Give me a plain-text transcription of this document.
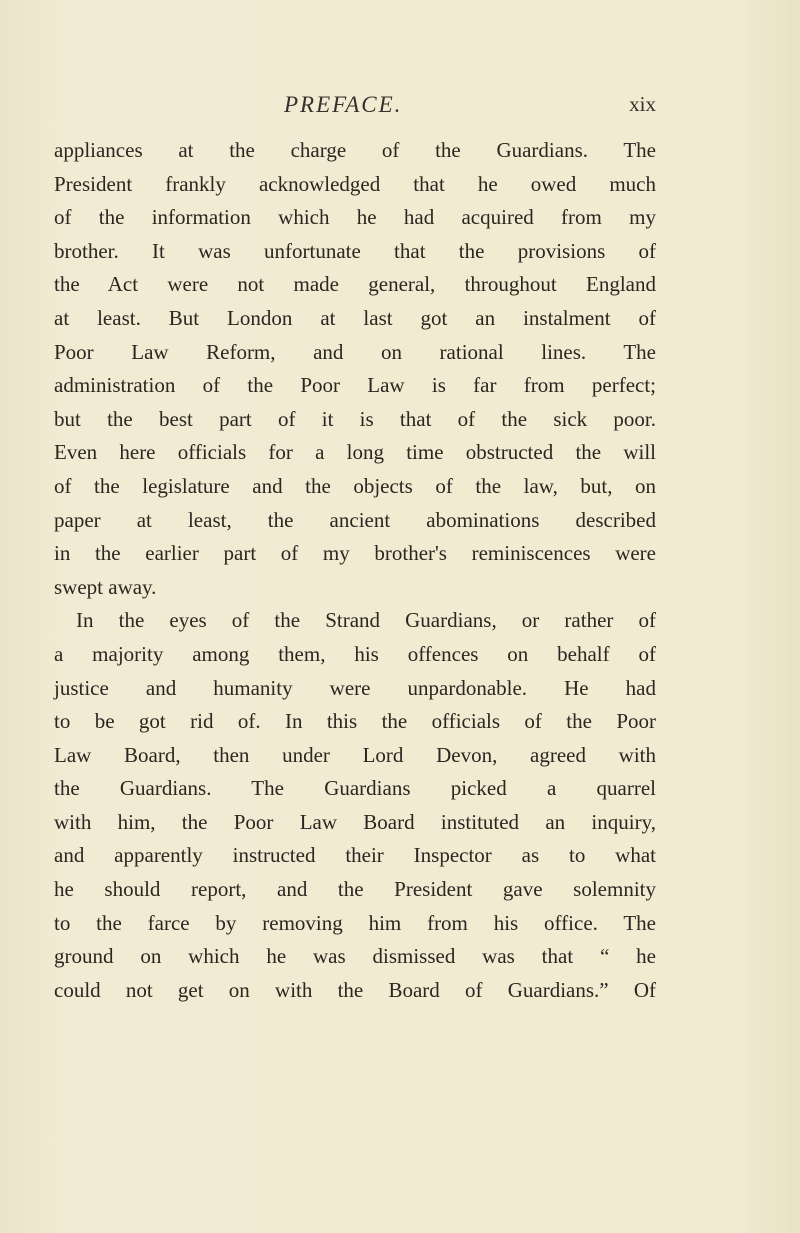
PREFACE.	xix
appliances at the charge of the Guardians. The
President frankly acknowledged that he owed much
of the information which he had acquired from my
brother. It was unfortunate that the provisions of
the Act were not made general, throughout England
at least. But London at last got an instalment of
Poor Law Reform, and on rational lines. The
administration of the Poor Law is far from perfect;
but the best part of it is that of the sick poor.
Even here officials for a long time obstructed the will
of the legislature and the objects of the law, but, on
paper at least, the ancient abominations described
in the earlier part of my brother's reminiscences were
swept away.
In the eyes of the Strand Guardians, or rather of
a majority among them, his offences on behalf of
justice and humanity were unpardonable. He had
to be got rid of. In this the officials of the Poor
Law Board, then under Lord Devon, agreed with
the Guardians. The Guardians picked a quarrel
with him, the Poor Law Board instituted an inquiry,
and apparently instructed their Inspector as to what
he should report, and the President gave solemnity
to the farce by removing him from his office. The
ground on which he was dismissed was that “ he
could not get on with the Board of Guardians.” Of
